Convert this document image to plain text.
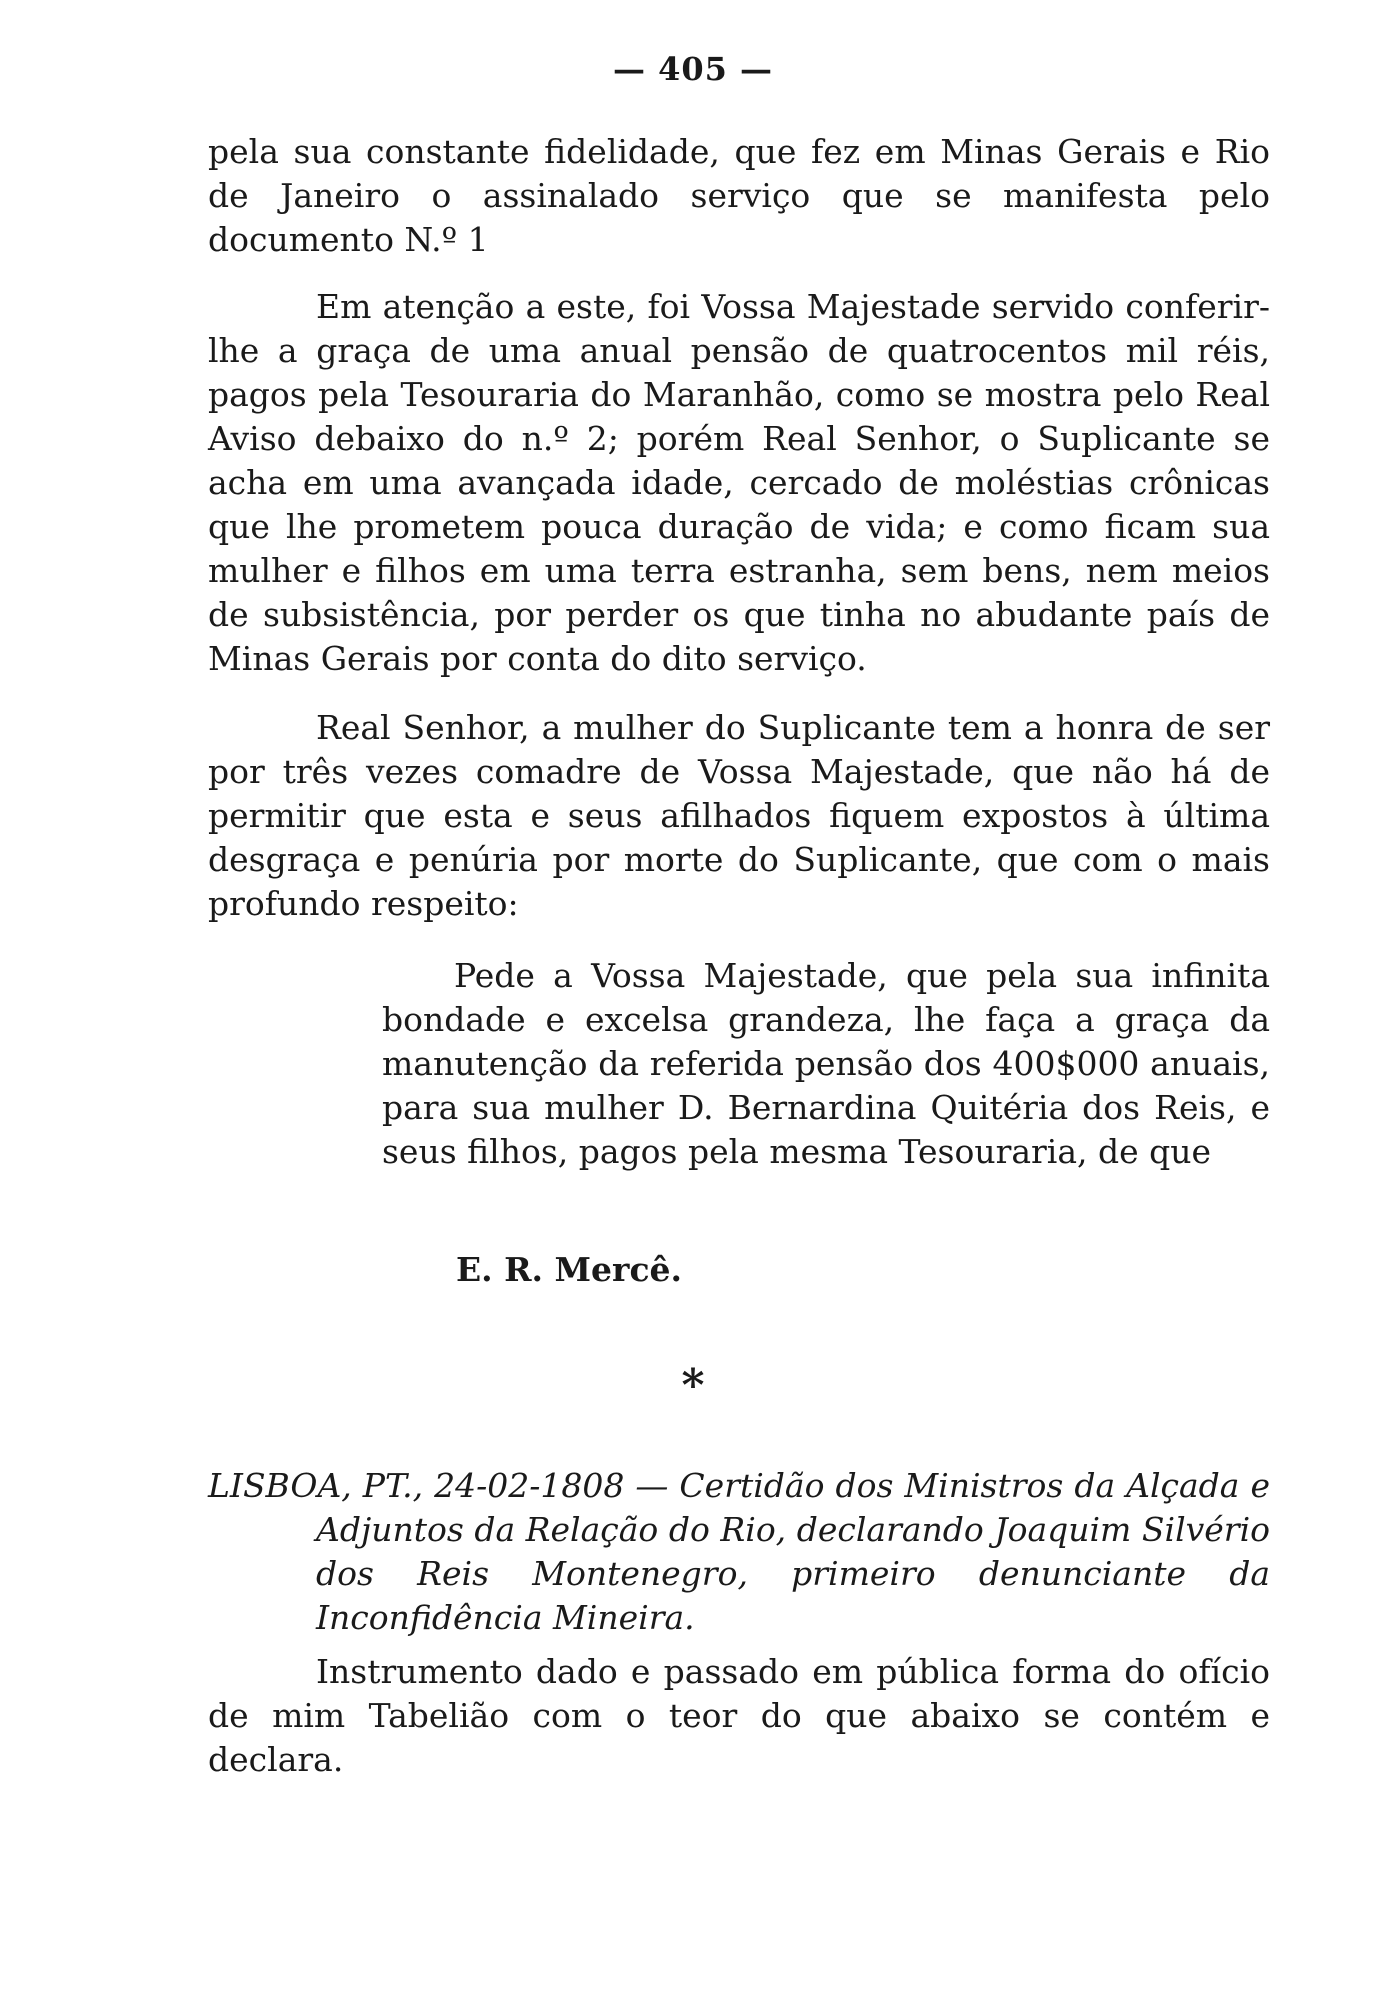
— 405 —

pela sua constante fidelidade, que fez em Minas Gerais e Rio de Janeiro o assinalado serviço que se manifesta pelo documento N.º 1

Em atenção a este, foi Vossa Majestade servido conferir-lhe a graça de uma anual pensão de quatrocentos mil réis, pagos pela Tesouraria do Maranhão, como se mostra pelo Real Aviso debaixo do n.º 2; porém Real Senhor, o Suplicante se acha em uma avançada idade, cercado de moléstias crônicas que lhe prometem pouca duração de vida; e como ficam sua mulher e filhos em uma terra estranha, sem bens, nem meios de subsistência, por perder os que tinha no abudante país de Minas Gerais por conta do dito serviço.

Real Senhor, a mulher do Suplicante tem a honra de ser por três vezes comadre de Vossa Majestade, que não há de permitir que esta e seus afilhados fiquem expostos à última desgraça e penúria por morte do Suplicante, que com o mais profundo respeito:

Pede a Vossa Majestade, que pela sua infinita bondade e excelsa grandeza, lhe faça a graça da manutenção da referida pensão dos 400$000 anuais, para sua mulher D. Bernardina Quitéria dos Reis, e seus filhos, pagos pela mesma Tesouraria, de que

E. R. Mercê.

*

LISBOA, PT., 24-02-1808 — Certidão dos Ministros da Alçada e Adjuntos da Relação do Rio, declarando Joaquim Silvério dos Reis Montenegro, primeiro denunciante da Inconfidência Mineira.

Instrumento dado e passado em pública forma do ofício de mim Tabelião com o teor do que abaixo se contém e declara.
